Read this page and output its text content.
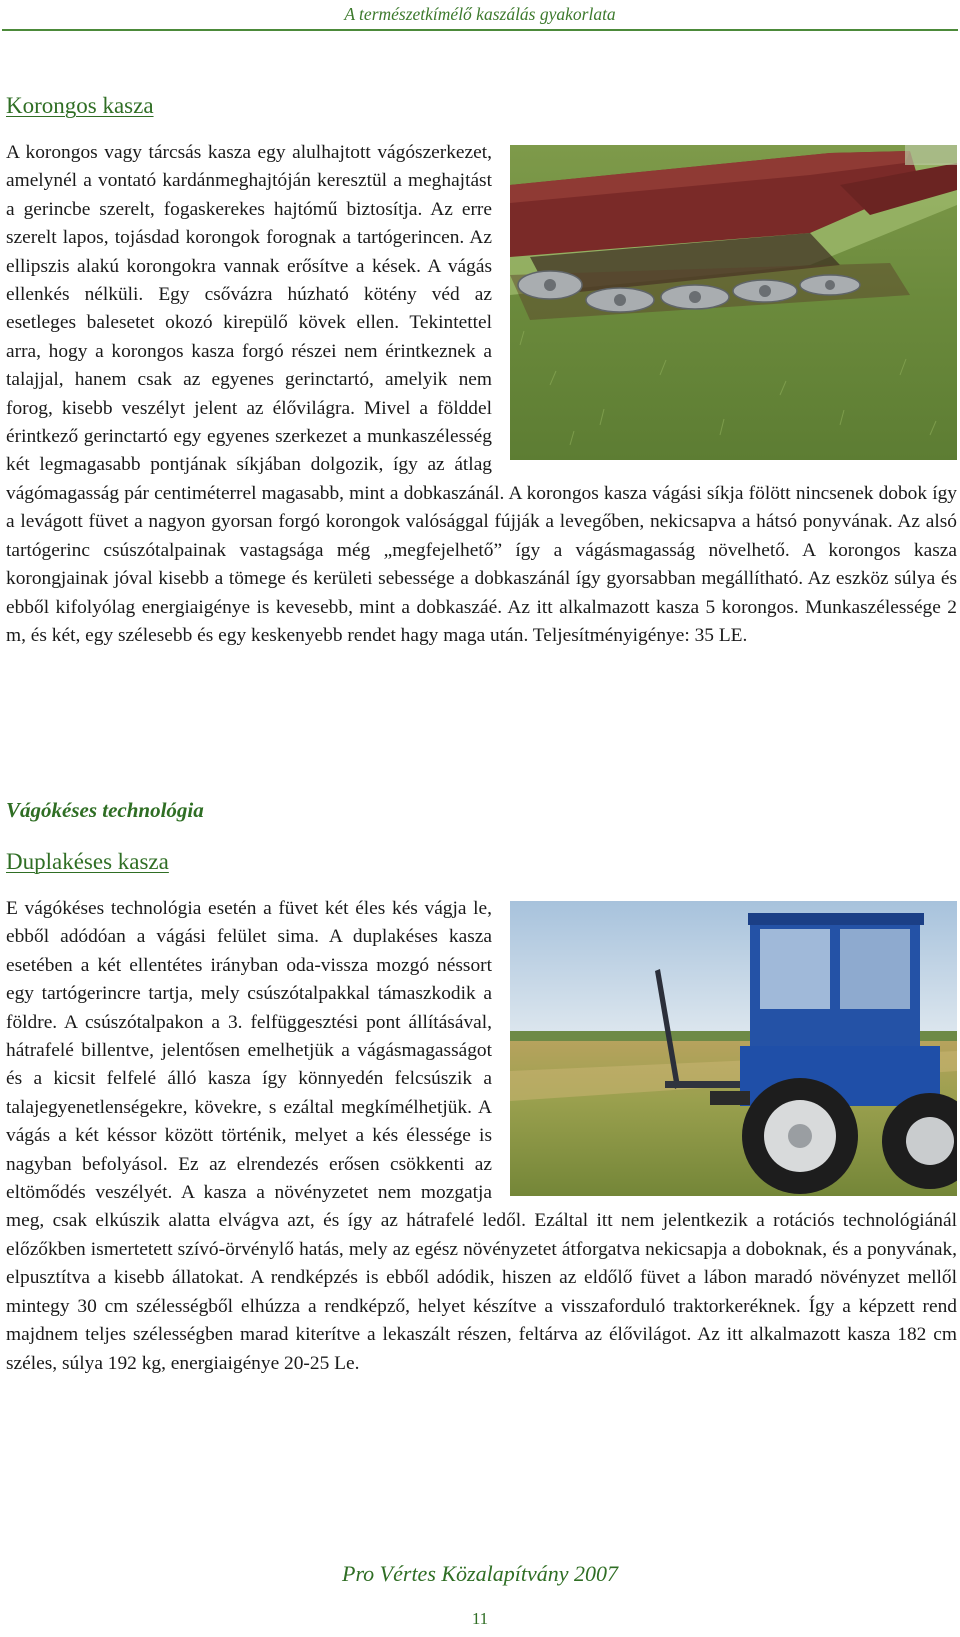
A természetkímélő kaszálás gyakorlata
Korongos kasza
A korongos vagy tárcsás kasza egy alulhajtott vágószerkezet, amelynél a vontató kardánmeghajtóján keresztül a meghajtást a gerincbe szerelt, fogaskerekes hajtómű biztosítja. Az erre szerelt lapos, tojásdad korongok forognak a tartógerincen. Az ellipszis alakú korongokra vannak erősítve a kések. A vágás ellenkés nélküli. Egy csővázra húzható kötény véd az esetleges balesetet okozó kirepülő kövek ellen. Tekintettel arra, hogy a korongos kasza forgó részei nem érintkeznek a talajjal, hanem csak az egyenes gerinctartó, amelyik nem forog, kisebb veszélyt jelent az élővilágra. Mivel a földdel érintkező gerinctartó egy egyenes szerkezet a munkaszélesség két legmagasabb pontjának síkjában dolgozik, így az átlag vágómagasság pár centiméterrel magasabb, mint a dobkaszánál. A korongos kasza vágási síkja fölött nincsenek dobok így a levágott füvet a nagyon gyorsan forgó korongok valósággal fújják a levegőben, nekicsapva a hátsó ponyvának. Az alsó tartógerinc csúszótalpainak vastagsága még „megfejelhető” így a vágásmagasság növelhető. A korongos kasza korongjainak jóval kisebb a tömege és kerületi sebessége a dobkaszánál így gyorsabban megállítható. Az eszköz súlya és ebből kifolyólag energiaigénye is kevesebb, mint a dobkaszáé. Az itt alkalmazott kasza 5 korongos. Munkaszélessége 2 m, és két, egy szélesebb és egy keskenyebb rendet hagy maga után. Teljesítményigénye: 35 LE.
Vágókéses technológia
Duplakéses kasza
E vágókéses technológia esetén a füvet két éles kés vágja le, ebből adódóan a vágási felület sima. A duplakéses kasza esetében a két ellentétes irányban oda-vissza mozgó néssort egy tartógerincre tartja, mely csúszótalpakkal támaszkodik a földre. A csúszótalpakon a 3. felfüggesztési pont állításával, hátrafelé billentve, jelentősen emelhetjük a vágásmagasságot és a kicsit felfelé álló kasza így könnyedén felcsúszik a talajegyenetlenségekre, kövekre, s ezáltal megkímélhetjük. A vágás a két késsor között történik, melyet a kés élessége is nagyban befolyásol. Ez az elrendezés erősen csökkenti az eltömődés veszélyét. A kasza a növényzetet nem mozgatja meg, csak elkúszik alatta elvágva azt, és így az hátrafelé ledől. Ezáltal itt nem jelentkezik a rotációs technológiánál előzőkben ismertetett szívó-örvénylő hatás, mely az egész növényzetet átforgatva nekicsapja a doboknak, és a ponyvának, elpusztítva a kisebb állatokat. A rendképzés is ebből adódik, hiszen az eldőlő füvet a lábon maradó növényzet mellől mintegy 30 cm szélességből elhúzza a rendképző, helyet készítve a visszaforduló traktorkeréknek. Így a képzett rend majdnem teljes szélességben marad kiterítve a lekaszált részen, feltárva az élővilágot. Az itt alkalmazott kasza 182 cm széles, súlya 192 kg, energiaigénye 20-25 Le.
Pro Vértes Közalapítvány 2007
11
